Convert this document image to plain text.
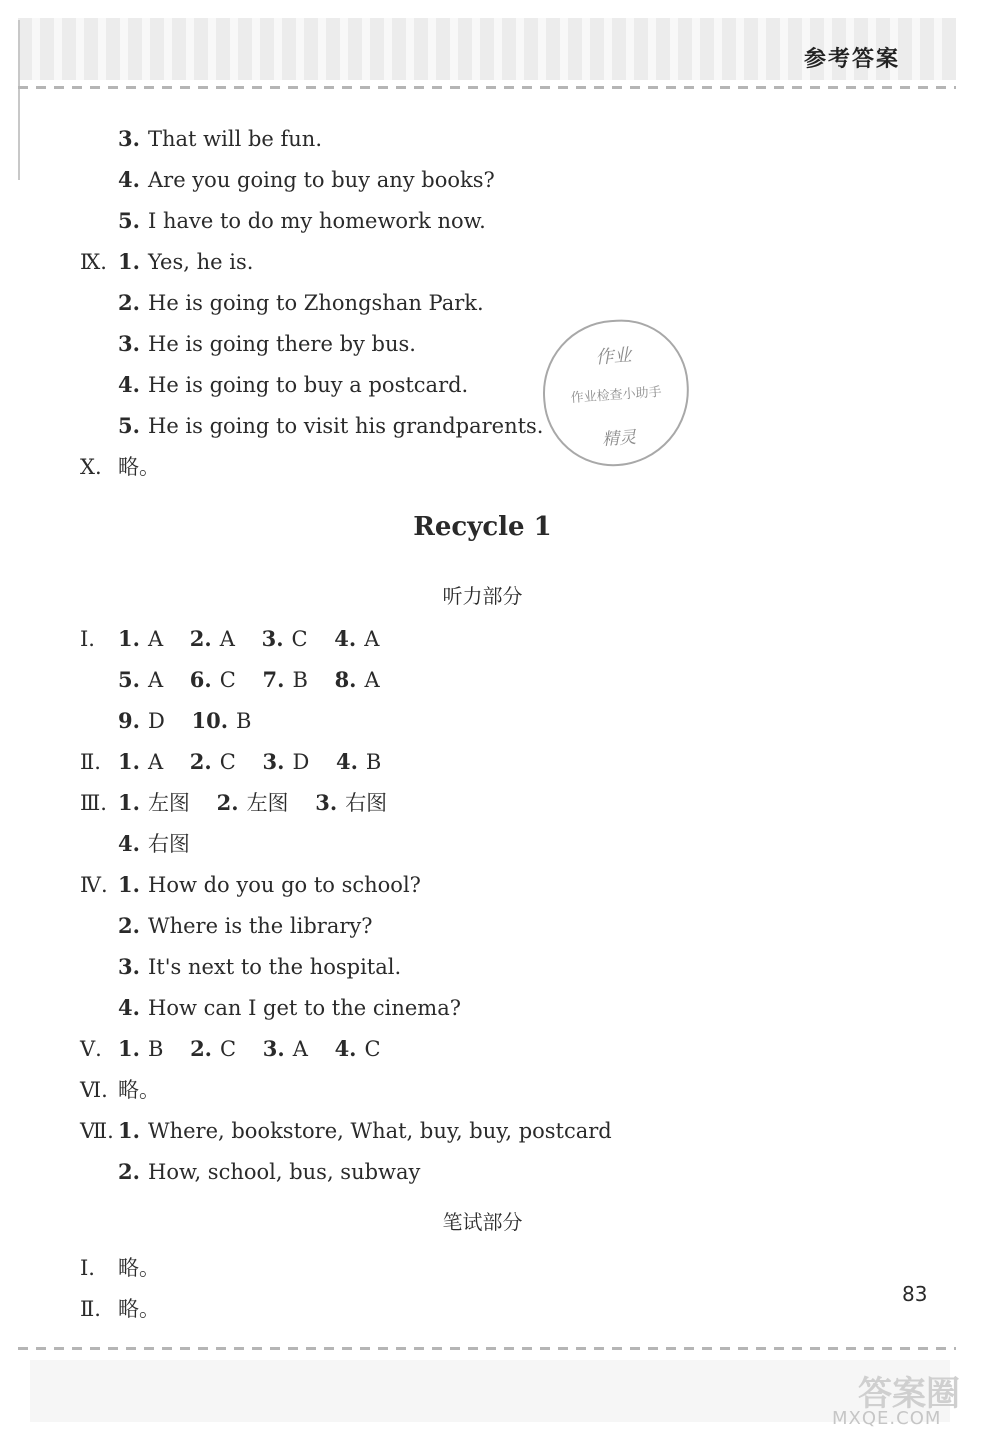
参考答案
3. That will be fun.
4. Are you going to buy any books?
5. I have to do my homework now.
Ⅸ. 1. Yes, he is.
2. He is going to Zhongshan Park.
3. He is going there by bus.
4. He is going to buy a postcard.
5. He is going to visit his grandparents.
Ⅹ. 略。
作业
作业检查小助手
精灵
Recycle 1
听力部分
Ⅰ. 1. A 2. A 3. C 4. A
5. A 6. C 7. B 8. A
9. D 10. B
Ⅱ. 1. A 2. C 3. D 4. B
Ⅲ. 1. 左图 2. 左图 3. 右图
4. 右图
Ⅳ. 1. How do you go to school?
2. Where is the library?
3. It's next to the hospital.
4. How can I get to the cinema?
Ⅴ. 1. B 2. C 3. A 4. C
Ⅵ. 略。
Ⅶ. 1. Where, bookstore, What, buy, buy, postcard
2. How, school, bus, subway
笔试部分
Ⅰ. 略。
Ⅱ. 略。
83
答案圈
MXQE.COM
